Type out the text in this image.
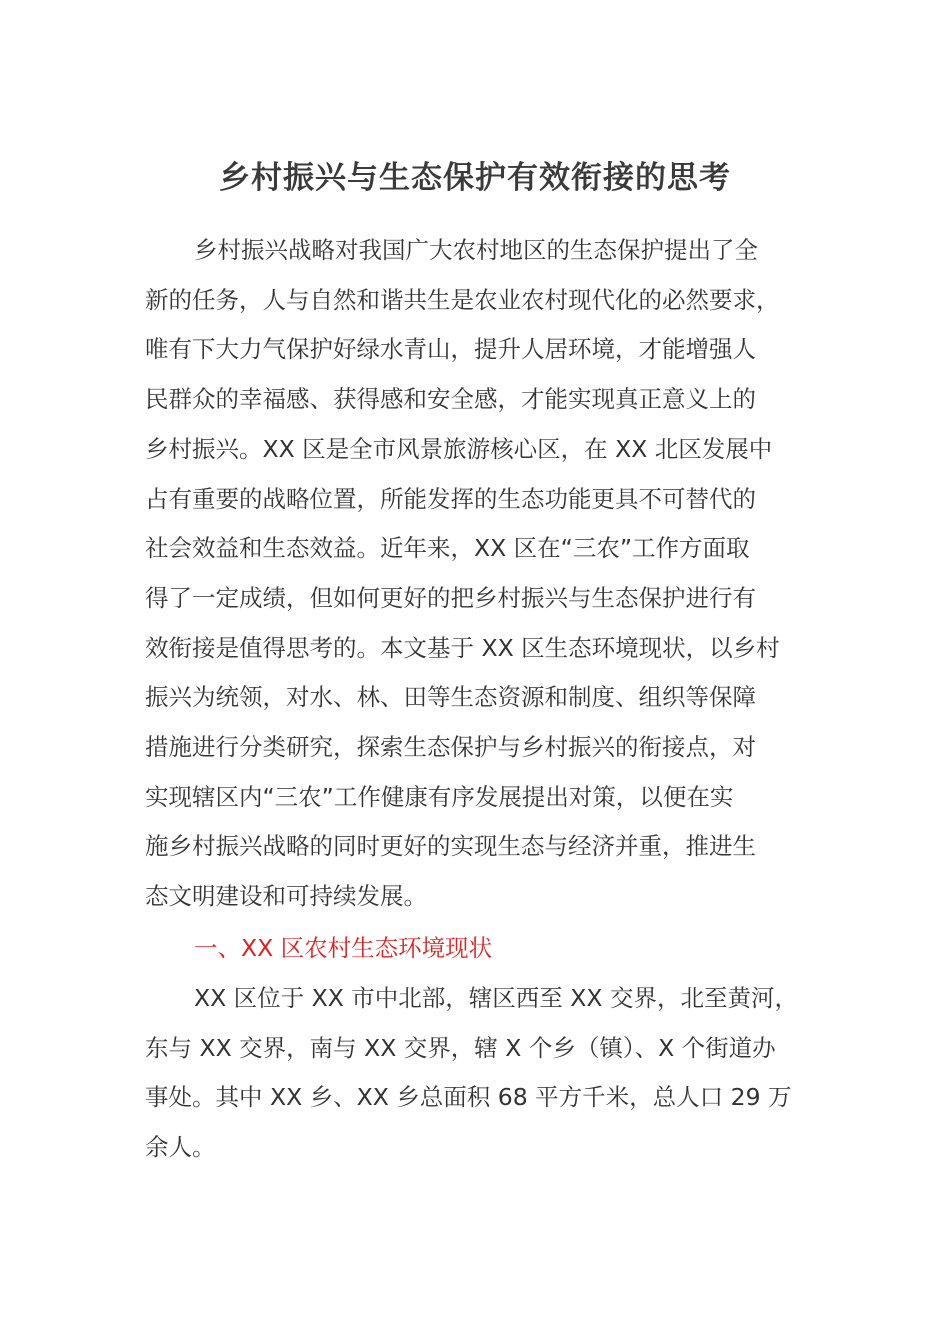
乡村振兴与生态保护有效衔接的思考
乡村振兴战略对我国广大农村地区的生态保护提出了全
新的任务，人与自然和谐共生是农业农村现代化的必然要求，
唯有下大力气保护好绿水青山，提升人居环境，才能增强人
民群众的幸福感、获得感和安全感，才能实现真正意义上的
乡村振兴。XX 区是全市风景旅游核心区，在 XX 北区发展中
占有重要的战略位置，所能发挥的生态功能更具不可替代的
社会效益和生态效益。近年来，XX 区在“三农”工作方面取
得了一定成绩，但如何更好的把乡村振兴与生态保护进行有
效衔接是值得思考的。本文基于 XX 区生态环境现状，以乡村
振兴为统领，对水、林、田等生态资源和制度、组织等保障
措施进行分类研究，探索生态保护与乡村振兴的衔接点，对
实现辖区内“三农”工作健康有序发展提出对策，以便在实
施乡村振兴战略的同时更好的实现生态与经济并重，推进生
态文明建设和可持续发展。
一、XX 区农村生态环境现状
XX 区位于 XX 市中北部，辖区西至 XX 交界，北至黄河，
东与 XX 交界，南与 XX 交界，辖 X 个乡（镇）、X 个街道办
事处。其中 XX 乡、XX 乡总面积 68 平方千米，总人口 29 万
余人。
